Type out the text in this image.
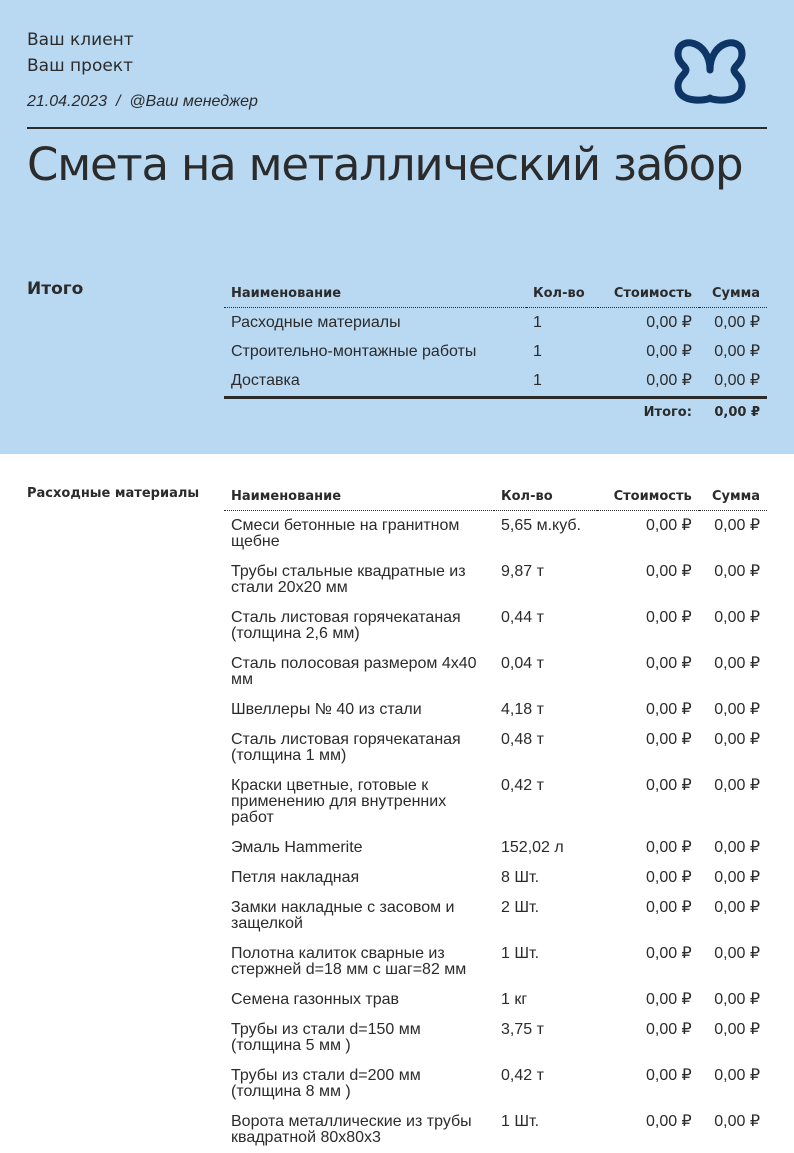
Ваш клиент
Ваш проект
21.04.2023 / @Ваш менеджер
Смета на металлический забор
Итого	Наименование	Кол-во	Стоимость	Сумма
Расходные материалы	1	0,00 ₽	0,00 ₽
Строительно-монтажные работы	1	0,00 ₽	0,00 ₽
Доставка	1	0,00 ₽	0,00 ₽
		Итого:	0,00 ₽
Расходные материалы Наименование	Кол-во	Стоимость	Сумма
Смеси бетонные на гранитном щебне	5,65 м.куб.	0,00 ₽	0,00 ₽
Трубы стальные квадратные из стали 20х20 мм	9,87 т	0,00 ₽	0,00 ₽
Сталь листовая горячекатаная (толщина 2,6 мм)	0,44 т	0,00 ₽	0,00 ₽
Сталь полосовая размером 4х40 мм	0,04 т	0,00 ₽	0,00 ₽
Швеллеры № 40 из стали	4,18 т	0,00 ₽	0,00 ₽
Сталь листовая горячекатаная (толщина 1 мм)	0,48 т	0,00 ₽	0,00 ₽
Краски цветные, готовые к применению для внутренних работ	0,42 т	0,00 ₽	0,00 ₽
Эмаль Hammerite	152,02 л	0,00 ₽	0,00 ₽
Петля накладная	8 Шт.	0,00 ₽	0,00 ₽
Замки накладные с засовом и защелкой	2 Шт.	0,00 ₽	0,00 ₽
Полотна калиток сварные из стержней d=18 мм с шаг=82 мм	1 Шт.	0,00 ₽	0,00 ₽
Семена газонных трав	1 кг	0,00 ₽	0,00 ₽
Трубы из стали d=150 мм (толщина 5 мм )	3,75 т	0,00 ₽	0,00 ₽
Трубы из стали d=200 мм (толщина 8 мм )	0,42 т	0,00 ₽	0,00 ₽
Ворота металлические из трубы квадратной 80х80х3	1 Шт.	0,00 ₽	0,00 ₽
